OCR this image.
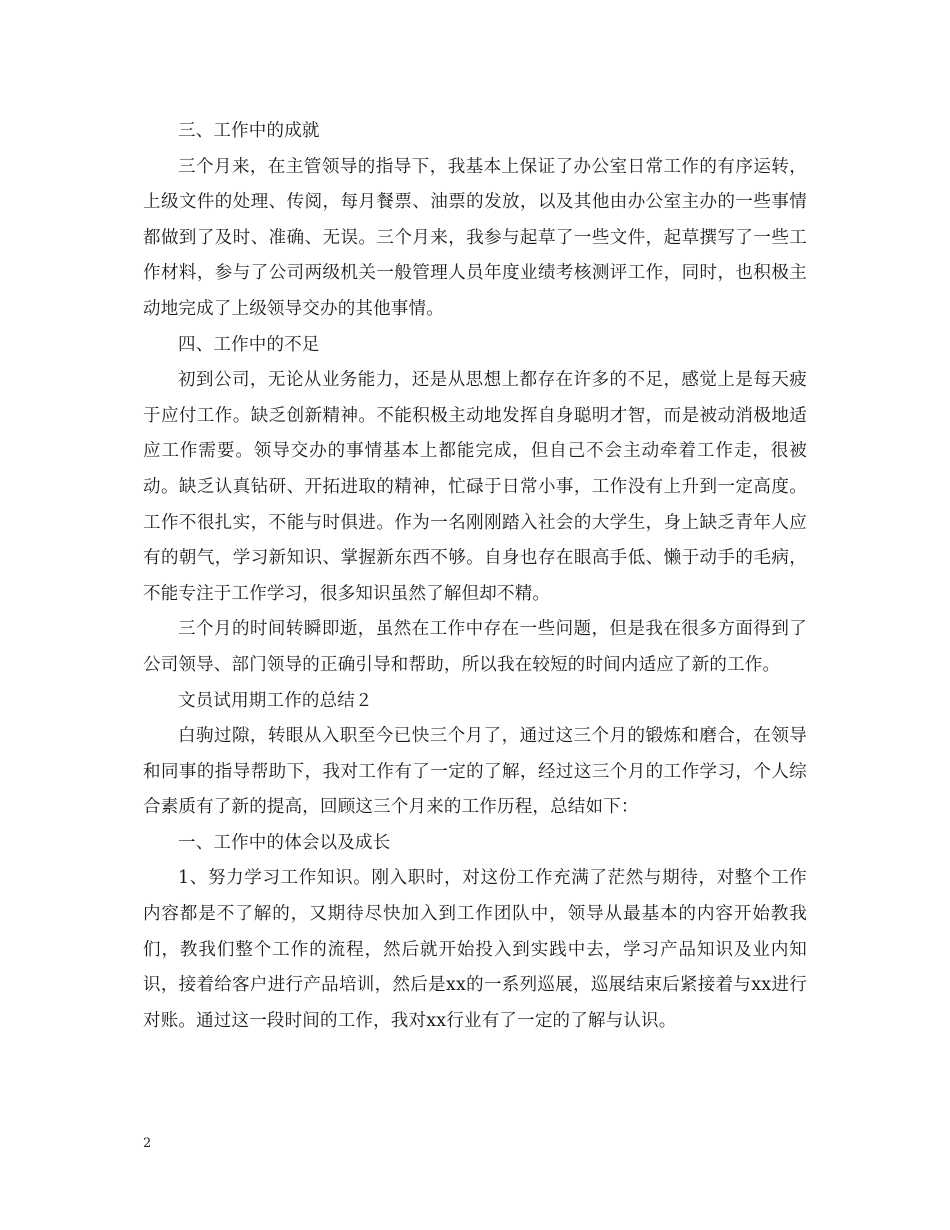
三、工作中的成就

三个月来，在主管领导的指导下，我基本上保证了办公室日常工作的有序运转，上级文件的处理、传阅，每月餐票、油票的发放，以及其他由办公室主办的一些事情都做到了及时、准确、无误。三个月来，我参与起草了一些文件，起草撰写了一些工作材料，参与了公司两级机关一般管理人员年度业绩考核测评工作，同时，也积极主动地完成了上级领导交办的其他事情。

四、工作中的不足

初到公司，无论从业务能力，还是从思想上都存在许多的不足，感觉上是每天疲于应付工作。缺乏创新精神。不能积极主动地发挥自身聪明才智，而是被动消极地适应工作需要。领导交办的事情基本上都能完成，但自己不会主动牵着工作走，很被动。缺乏认真钻研、开拓进取的精神，忙碌于日常小事，工作没有上升到一定高度。工作不很扎实，不能与时俱进。作为一名刚刚踏入社会的大学生，身上缺乏青年人应有的朝气，学习新知识、掌握新东西不够。自身也存在眼高手低、懒于动手的毛病，不能专注于工作学习，很多知识虽然了解但却不精。

三个月的时间转瞬即逝，虽然在工作中存在一些问题，但是我在很多方面得到了公司领导、部门领导的正确引导和帮助，所以我在较短的时间内适应了新的工作。

文员试用期工作的总结２

白驹过隙，转眼从入职至今已快三个月了，通过这三个月的锻炼和磨合，在领导和同事的指导帮助下，我对工作有了一定的了解，经过这三个月的工作学习，个人综合素质有了新的提高，回顾这三个月来的工作历程，总结如下：

一、工作中的体会以及成长

1、努力学习工作知识。刚入职时，对这份工作充满了茫然与期待，对整个工作内容都是不了解的，又期待尽快加入到工作团队中，领导从最基本的内容开始教我们，教我们整个工作的流程，然后就开始投入到实践中去，学习产品知识及业内知识，接着给客户进行产品培训，然后是xx的一系列巡展，巡展结束后紧接着与xx进行对账。通过这一段时间的工作，我对xx行业有了一定的了解与认识。

2
